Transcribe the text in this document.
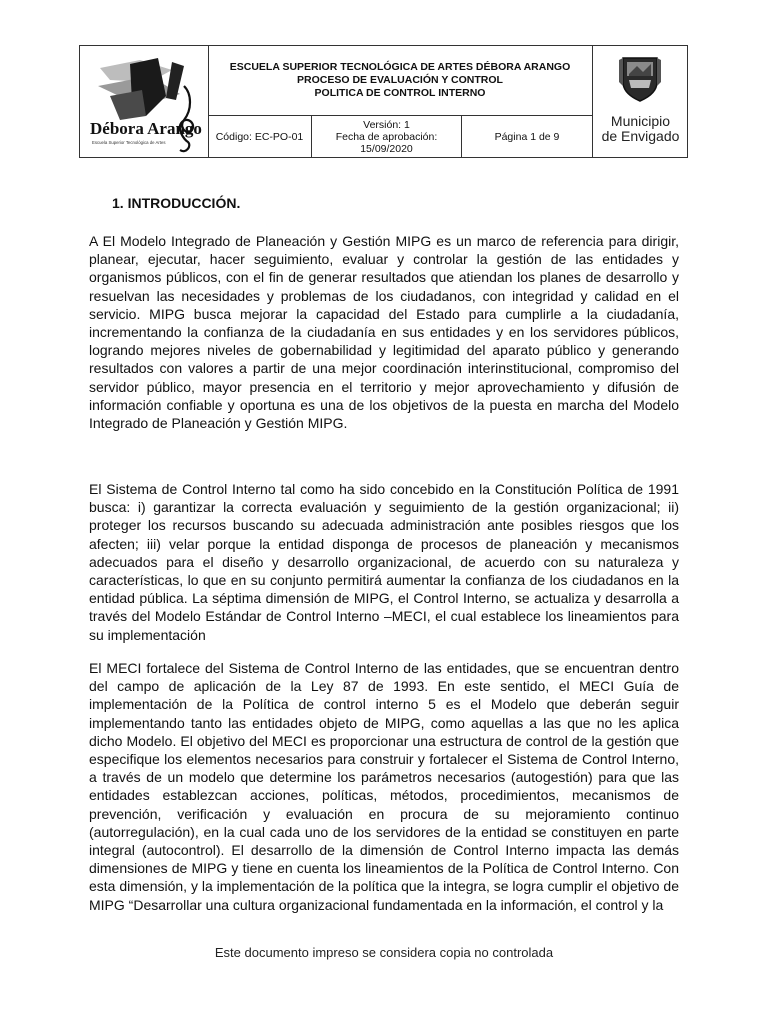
Débora Arango
Escuela Superior Tecnológica de Artes
ESCUELA SUPERIOR TECNOLÓGICA DE ARTES DÉBORA ARANGO
PROCESO DE EVALUACIÓN Y CONTROL
POLITICA DE CONTROL INTERNO
Código: EC-PO-01
Versión: 1
Fecha de aprobación:
15/09/2020
Página 1 de 9
Municipio
de Envigado
1. INTRODUCCIÓN.

A El Modelo Integrado de Planeación y Gestión MIPG es un marco de referencia para dirigir, planear, ejecutar, hacer seguimiento, evaluar y controlar la gestión de las entidades y organismos públicos, con el fin de generar resultados que atiendan los planes de desarrollo y resuelvan las necesidades y problemas de los ciudadanos, con integridad y calidad en el servicio. MIPG busca mejorar la capacidad del Estado para cumplirle a la ciudadanía, incrementando la confianza de la ciudadanía en sus entidades y en los servidores públicos, logrando mejores niveles de gobernabilidad y legitimidad del aparato público y generando resultados con valores a partir de una mejor coordinación interinstitucional, compromiso del servidor público, mayor presencia en el territorio y mejor aprovechamiento y difusión de información confiable y oportuna es una de los objetivos de la puesta en marcha del Modelo Integrado de Planeación y Gestión MIPG.

El Sistema de Control Interno tal como ha sido concebido en la Constitución Política de 1991 busca: i) garantizar la correcta evaluación y seguimiento de la gestión organizacional; ii) proteger los recursos buscando su adecuada administración ante posibles riesgos que los afecten; iii) velar porque la entidad disponga de procesos de planeación y mecanismos adecuados para el diseño y desarrollo organizacional, de acuerdo con su naturaleza y características, lo que en su conjunto permitirá aumentar la confianza de los ciudadanos en la entidad pública. La séptima dimensión de MIPG, el Control Interno, se actualiza y desarrolla a través del Modelo Estándar de Control Interno –MECI, el cual establece los lineamientos para su implementación

El MECI fortalece del Sistema de Control Interno de las entidades, que se encuentran dentro del campo de aplicación de la Ley 87 de 1993. En este sentido, el MECI Guía de implementación de la Política de control interno 5 es el Modelo que deberán seguir implementando tanto las entidades objeto de MIPG, como aquellas a las que no les aplica dicho Modelo. El objetivo del MECI es proporcionar una estructura de control de la gestión que especifique los elementos necesarios para construir y fortalecer el Sistema de Control Interno, a través de un modelo que determine los parámetros necesarios (autogestión) para que las entidades establezcan acciones, políticas, métodos, procedimientos, mecanismos de prevención, verificación y evaluación en procura de su mejoramiento continuo (autorregulación), en la cual cada uno de los servidores de la entidad se constituyen en parte integral (autocontrol). El desarrollo de la dimensión de Control Interno impacta las demás dimensiones de MIPG y tiene en cuenta los lineamientos de la Política de Control Interno. Con esta dimensión, y la implementación de la política que la integra, se logra cumplir el objetivo de MIPG “Desarrollar una cultura organizacional fundamentada en la información, el control y la

Este documento impreso se considera copia no controlada
